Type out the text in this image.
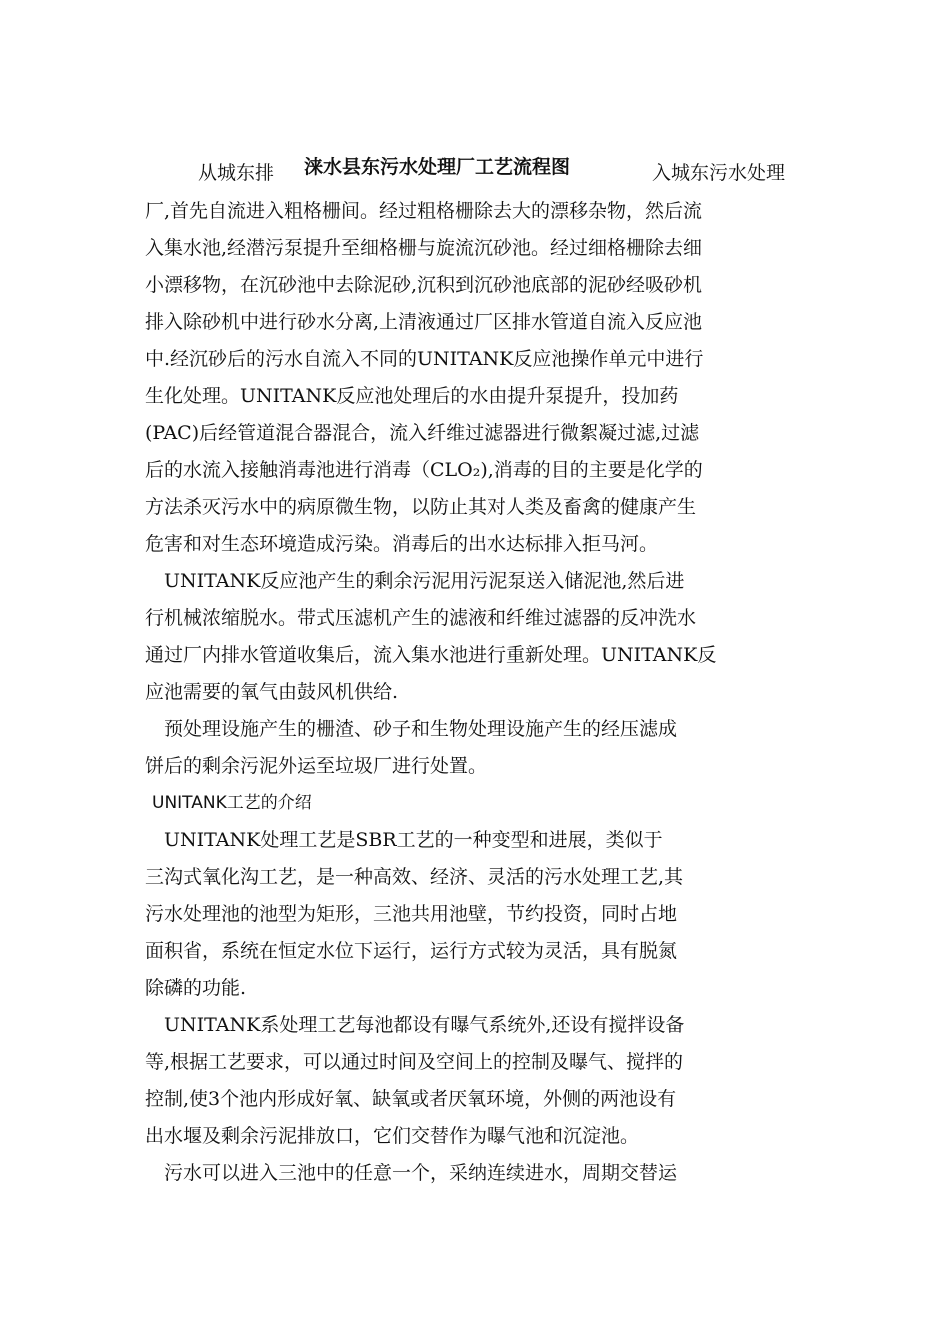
从城东排	入城东污水处理
涞水县东污水处理厂工艺流程图
厂,首先自流进入粗格栅间。经过粗格栅除去大的漂移杂物，然后流
入集水池,经潜污泵提升至细格栅与旋流沉砂池。经过细格栅除去细
小漂移物，在沉砂池中去除泥砂,沉积到沉砂池底部的泥砂经吸砂机
排入除砂机中进行砂水分离,上清液通过厂区排水管道自流入反应池
中.经沉砂后的污水自流入不同的UNITANK反应池操作单元中进行
生化处理。UNITANK反应池处理后的水由提升泵提升，投加药
(PAC)后经管道混合器混合，流入纤维过滤器进行微絮凝过滤,过滤
后的水流入接触消毒池进行消毒（CLO₂),消毒的目的主要是化学的
方法杀灭污水中的病原微生物，以防止其对人类及畜禽的健康产生
危害和对生态环境造成污染。消毒后的出水达标排入拒马河。
　UNITANK反应池产生的剩余污泥用污泥泵送入储泥池,然后进
行机械浓缩脱水。带式压滤机产生的滤液和纤维过滤器的反冲洗水
通过厂内排水管道收集后，流入集水池进行重新处理。UNITANK反
应池需要的氧气由鼓风机供给.
　预处理设施产生的栅渣、砂子和生物处理设施产生的经压滤成
饼后的剩余污泥外运至垃圾厂进行处置。
UNITANK工艺的介绍
　UNITANK处理工艺是SBR工艺的一种变型和进展，类似于
三沟式氧化沟工艺，是一种高效、经济、灵活的污水处理工艺,其
污水处理池的池型为矩形，三池共用池壁，节约投资，同时占地
面积省，系统在恒定水位下运行，运行方式较为灵活，具有脱氮
除磷的功能.
　UNITANK系处理工艺每池都设有曝气系统外,还设有搅拌设备
等,根据工艺要求，可以通过时间及空间上的控制及曝气、搅拌的
控制,使3个池内形成好氧、缺氧或者厌氧环境，外侧的两池设有
出水堰及剩余污泥排放口，它们交替作为曝气池和沉淀池。
　污水可以进入三池中的任意一个，采纳连续进水，周期交替运
